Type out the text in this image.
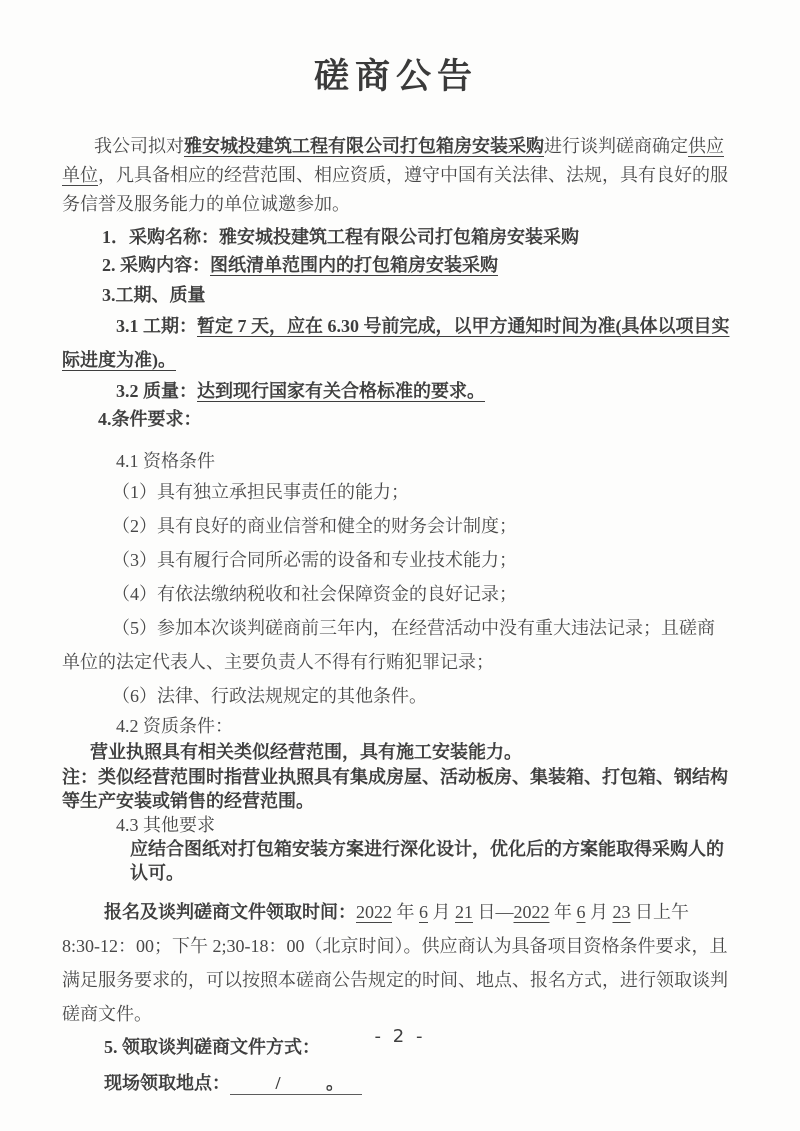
磋商公告

我公司拟对雅安城投建筑工程有限公司打包箱房安装采购进行谈判磋商确定供应单位，凡具备相应的经营范围、相应资质，遵守中国有关法律、法规，具有良好的服务信誉及服务能力的单位诚邀参加。

1．采购名称：雅安城投建筑工程有限公司打包箱房安装采购

2. 采购内容：图纸清单范围内的打包箱房安装采购

3.工期、质量

3.1 工期：暂定 7 天，应在 6.30 号前完成，以甲方通知时间为准(具体以项目实际进度为准)。

3.2 质量：达到现行国家有关合格标准的要求。

4.条件要求：

4.1 资格条件

（1）具有独立承担民事责任的能力；

（2）具有良好的商业信誉和健全的财务会计制度；

（3）具有履行合同所必需的设备和专业技术能力；

（4）有依法缴纳税收和社会保障资金的良好记录；

（5）参加本次谈判磋商前三年内，在经营活动中没有重大违法记录；且磋商单位的法定代表人、主要负责人不得有行贿犯罪记录；

（6）法律、行政法规规定的其他条件。

4.2 资质条件：

营业执照具有相关类似经营范围，具有施工安装能力。

注：类似经营范围时指营业执照具有集成房屋、活动板房、集装箱、打包箱、钢结构等生产安装或销售的经营范围。

4.3 其他要求

应结合图纸对打包箱安装方案进行深化设计，优化后的方案能取得采购人的认可。

报名及谈判磋商文件领取时间：2022 年 6 月 21 日—2022 年 6 月 23 日上午 8:30-12：00；下午 2;30-18：00（北京时间）。供应商认为具备项目资格条件要求，且满足服务要求的，可以按照本磋商公告规定的时间、地点、报名方式，进行领取谈判磋商文件。

5. 领取谈判磋商文件方式：

现场领取地点：	/	。

- 2 -
